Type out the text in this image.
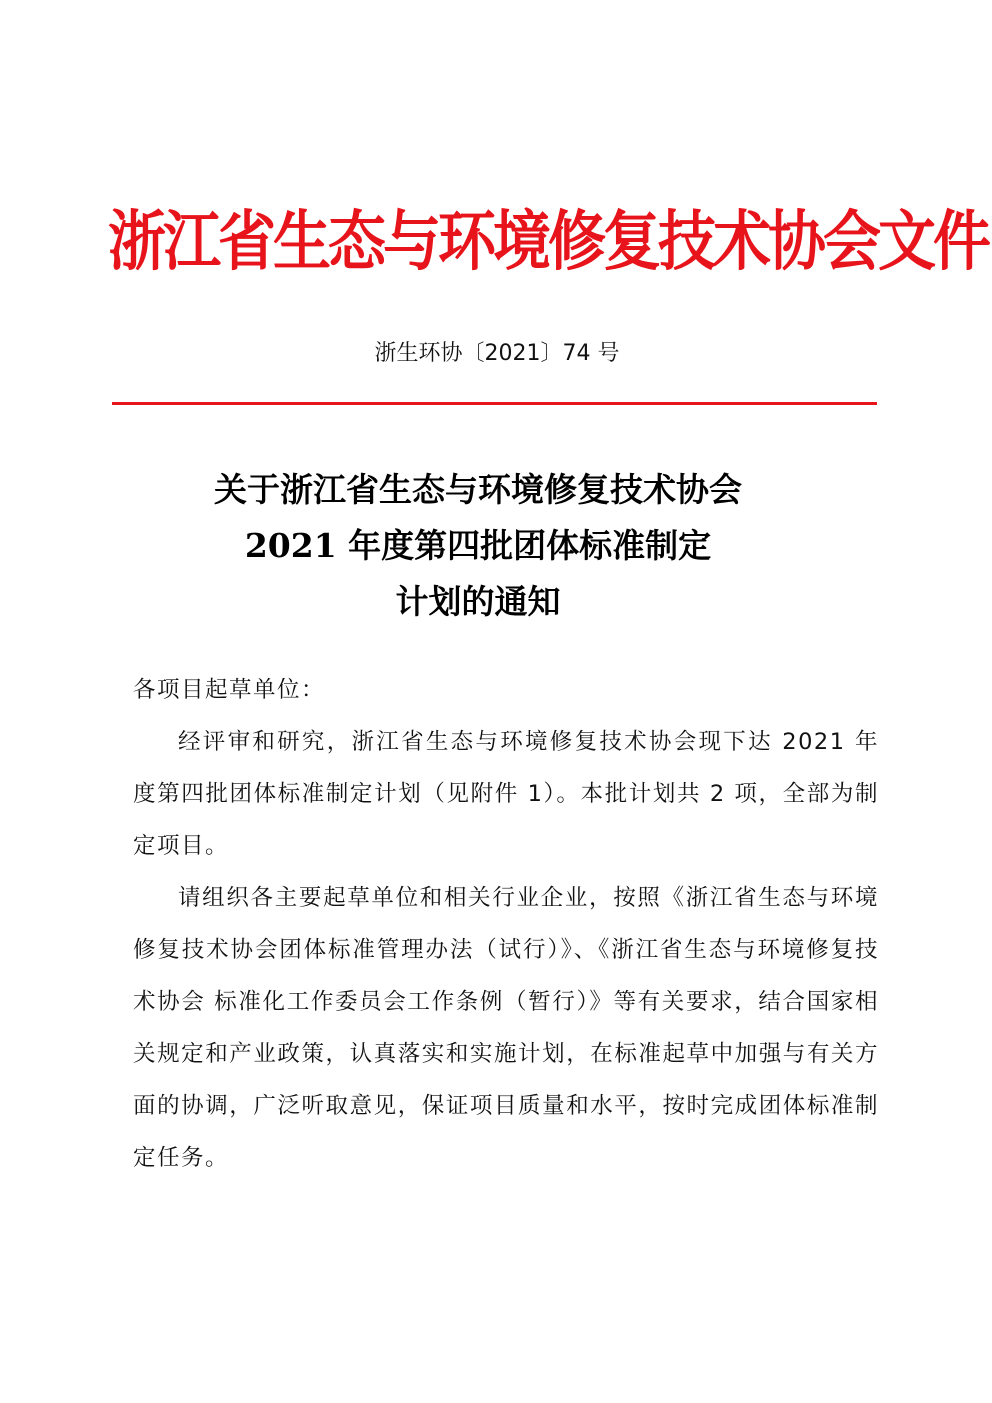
浙江省生态与环境修复技术协会文件
浙生环协〔2021〕74 号
关于浙江省生态与环境修复技术协会
2021 年度第四批团体标准制定
计划的通知

各项目起草单位：

经评审和研究，浙江省生态与环境修复技术协会现下达 2021 年度第四批团体标准制定计划（见附件 1）。本批计划共 2 项，全部为制定项目。

请组织各主要起草单位和相关行业企业，按照《浙江省生态与环境修复技术协会团体标准管理办法（试行）》、《浙江省生态与环境修复技术协会 标准化工作委员会工作条例（暂行）》等有关要求，结合国家相关规定和产业政策，认真落实和实施计划，在标准起草中加强与有关方面的协调，广泛听取意见，保证项目质量和水平，按时完成团体标准制定任务。
